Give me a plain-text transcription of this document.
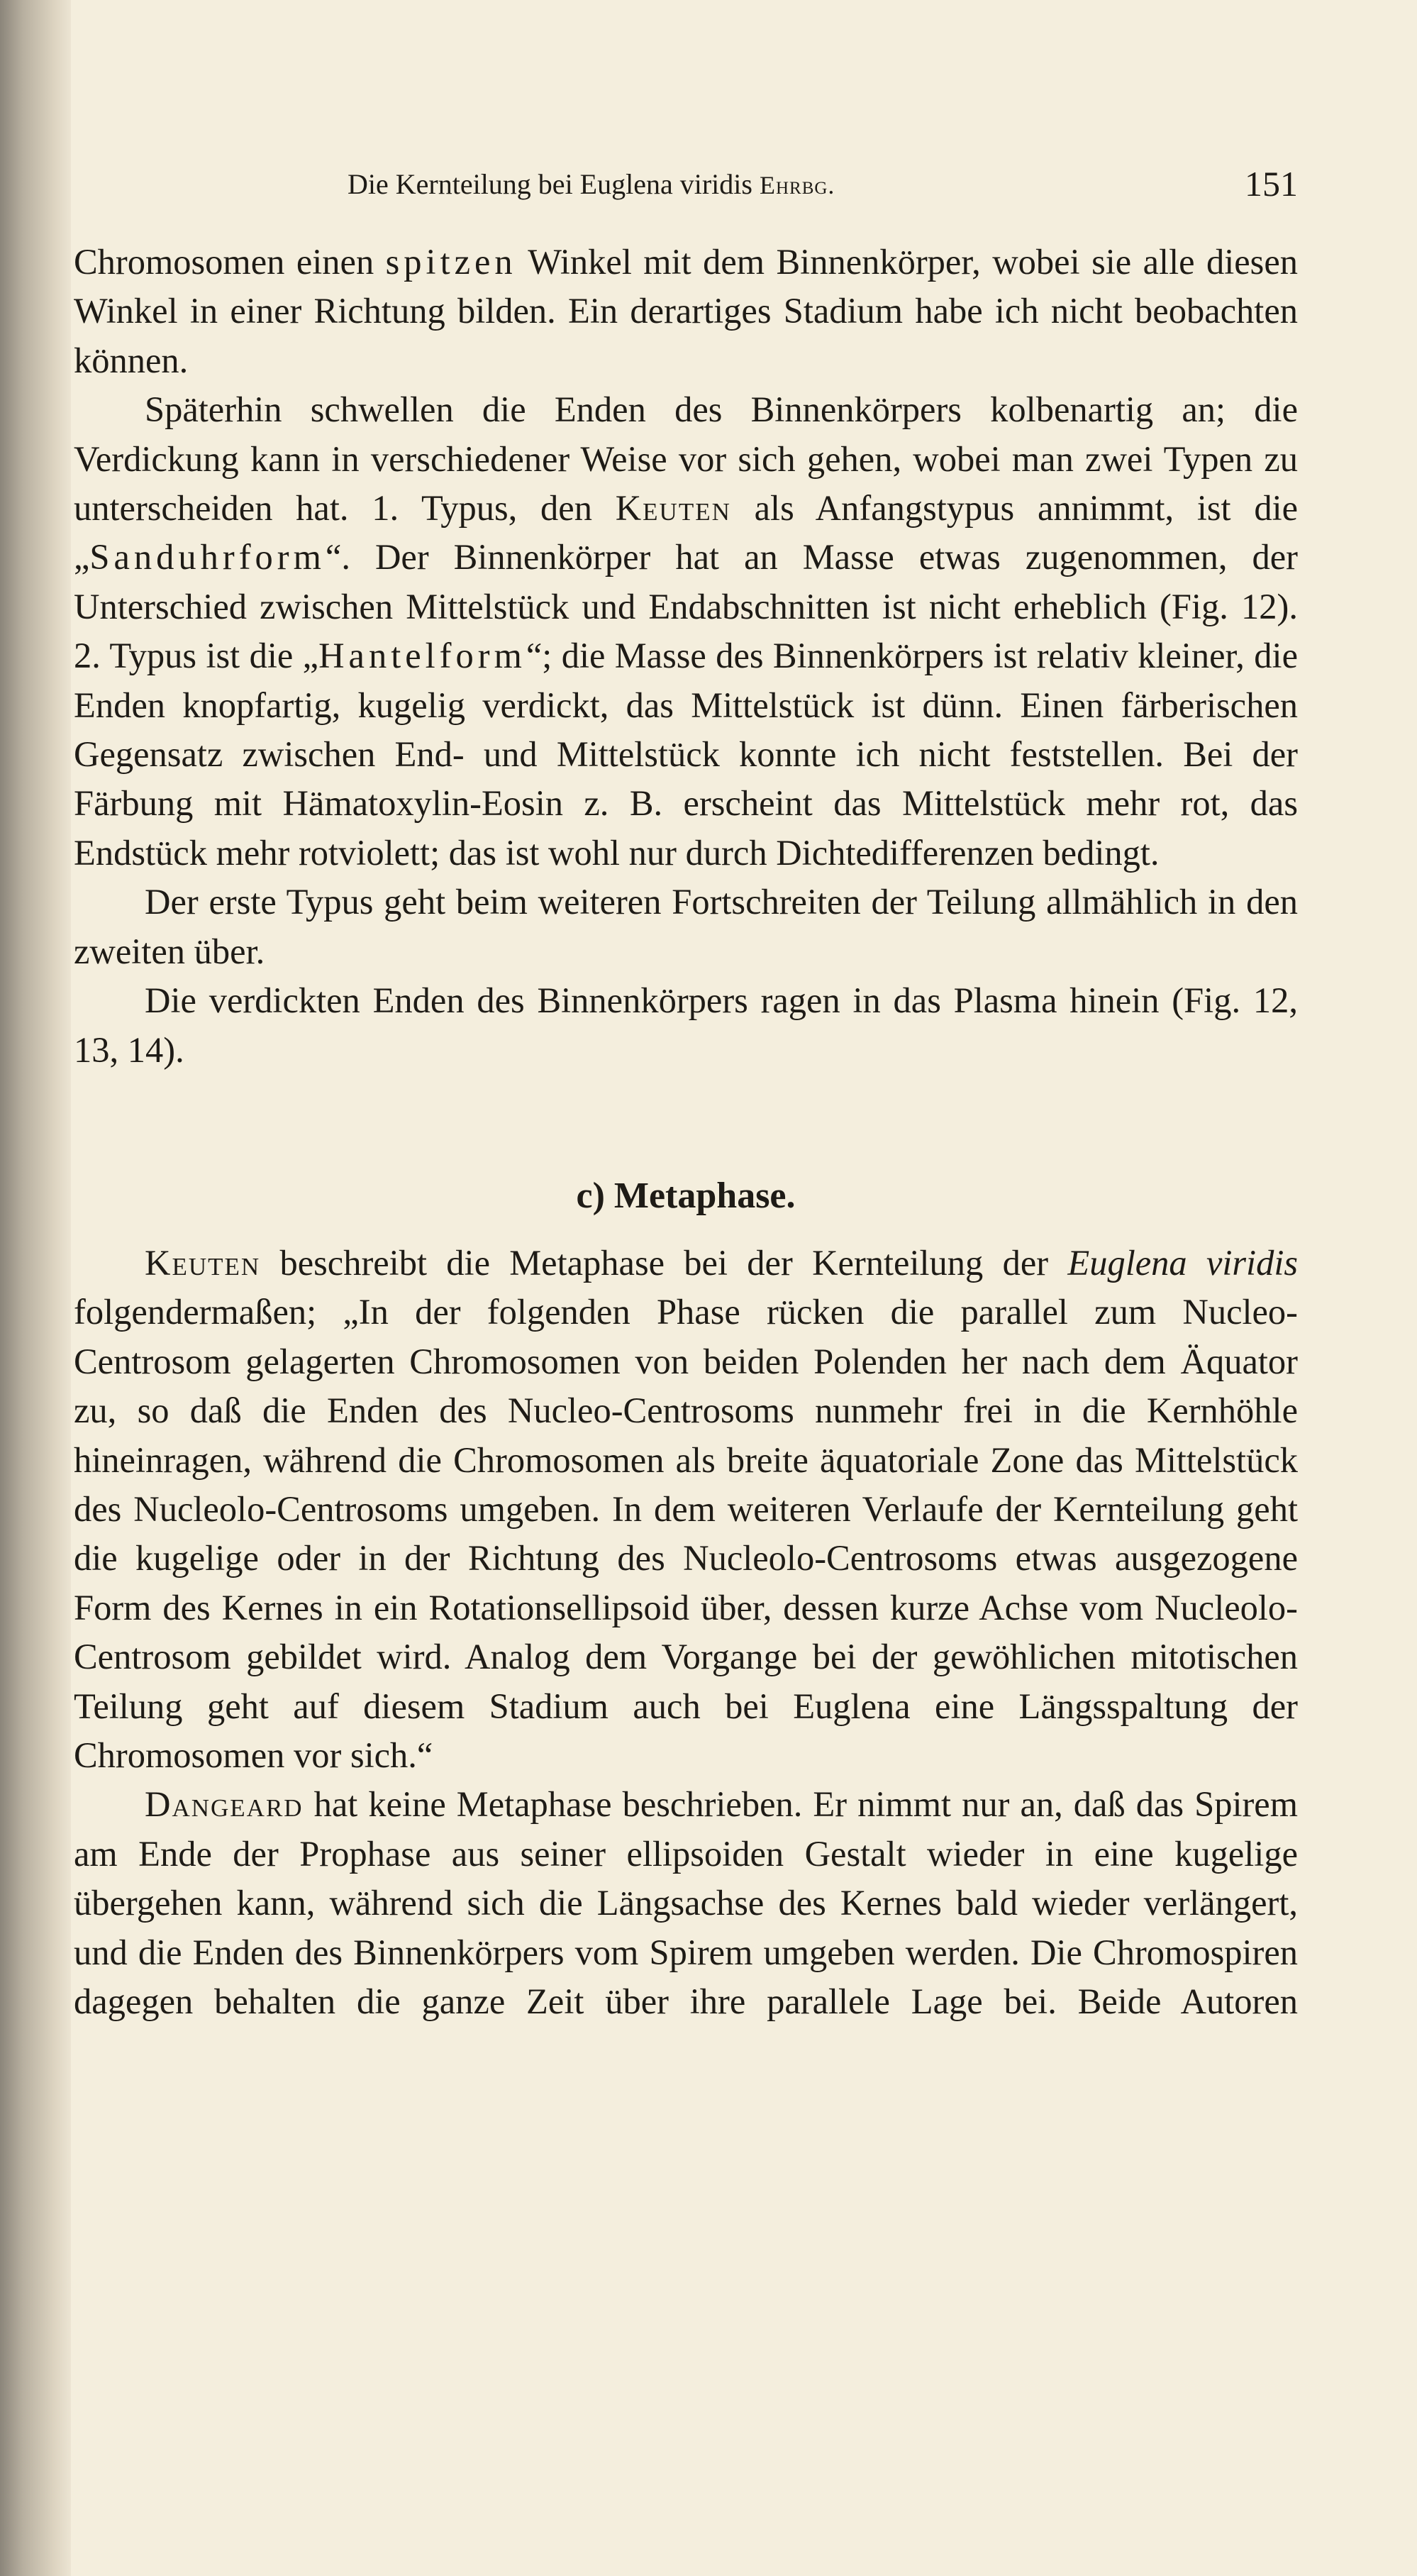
Die Kernteilung bei Euglena viridis Ehrbg.	151

Chromosomen einen spitzen Winkel mit dem Binnenkörper, wobei sie alle diesen Winkel in einer Richtung bilden. Ein derartiges Stadium habe ich nicht beobachten können.

Späterhin schwellen die Enden des Binnenkörpers kolbenartig an; die Verdickung kann in verschiedener Weise vor sich gehen, wobei man zwei Typen zu unterscheiden hat. 1. Typus, den Keuten als Anfangstypus annimmt, ist die „Sanduhrform“. Der Binnenkörper hat an Masse etwas zugenommen, der Unterschied zwischen Mittelstück und Endabschnitten ist nicht erheblich (Fig. 12). 2. Typus ist die „Hantelform“; die Masse des Binnenkörpers ist relativ kleiner, die Enden knopfartig, kugelig verdickt, das Mittelstück ist dünn. Einen färberischen Gegensatz zwischen End- und Mittelstück konnte ich nicht feststellen. Bei der Färbung mit Hämatoxylin-Eosin z. B. erscheint das Mittelstück mehr rot, das Endstück mehr rotviolett; das ist wohl nur durch Dichtedifferenzen bedingt.

Der erste Typus geht beim weiteren Fortschreiten der Teilung allmählich in den zweiten über.

Die verdickten Enden des Binnenkörpers ragen in das Plasma hinein (Fig. 12, 13, 14).

c) Metaphase.

Keuten beschreibt die Metaphase bei der Kernteilung der Euglena viridis folgendermaßen; „In der folgenden Phase rücken die parallel zum Nucleo-Centrosom gelagerten Chromosomen von beiden Polenden her nach dem Äquator zu, so daß die Enden des Nucleo-Centrosoms nunmehr frei in die Kernhöhle hineinragen, während die Chromosomen als breite äquatoriale Zone das Mittelstück des Nucleolo-Centrosoms umgeben. In dem weiteren Verlaufe der Kernteilung geht die kugelige oder in der Richtung des Nucleolo-Centrosoms etwas ausgezogene Form des Kernes in ein Rotationsellipsoid über, dessen kurze Achse vom Nucleolo-Centrosom gebildet wird. Analog dem Vorgange bei der gewöhlichen mitotischen Teilung geht auf diesem Stadium auch bei Euglena eine Längsspaltung der Chromosomen vor sich.“

Dangeard hat keine Metaphase beschrieben. Er nimmt nur an, daß das Spirem am Ende der Prophase aus seiner ellipsoiden Gestalt wieder in eine kugelige übergehen kann, während sich die Längsachse des Kernes bald wieder verlängert, und die Enden des Binnenkörpers vom Spirem umgeben werden. Die Chromospiren dagegen behalten die ganze Zeit über ihre parallele Lage bei. Beide Autoren
